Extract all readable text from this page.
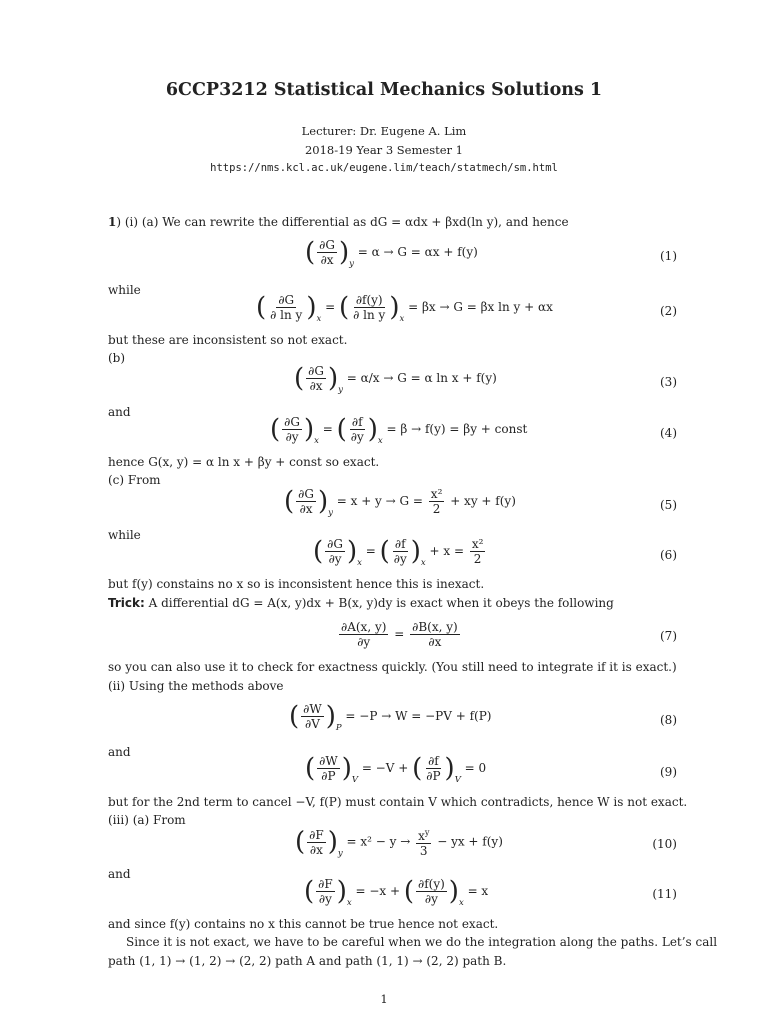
6CCP3212 Statistical Mechanics Solutions 1
Lecturer: Dr. Eugene A. Lim
2018-19 Year 3 Semester 1
https://nms.kcl.ac.uk/eugene.lim/teach/statmech/sm.html
1) (i) (a) We can rewrite the differential as dG = αdx + βxd(ln y), and hence
( $\frac{\partial G}{\partial x} )_y = \alpha \to G = \alpha x + f(y)$	(1)
while
( $\frac{\partial G}{\text{∂ ln y}} )_x$ = ( $\frac{\partial f(y)}{\text{∂ ln y}} )_x = \beta x \to G = \beta x$ ln y + αx	(2)
but these are inconsistent so not exact.
(b)
( $\frac{\partial G}{\partial x} )_y = \alpha/x \to G = \alpha$ ln x + f(y)	(3)
and
( $\frac{\partial G}{\partial y} )_x$ = ( $\frac{\partial f}{\partial y} )_x = \beta \to f(y) = \beta y$ + const	(4)
hence G(x, y) = α ln x + βy + const so exact.
(c) From
( $\frac{\partial G}{\partial x} )_y = x + y \to G = \frac{\text{x²}}{2}$ + xy + f(y)	(5)
while
( $\frac{\partial G}{\partial y} )_x$ = ( $\frac{\partial f}{\partial y} )_x + x = \frac{\text{x²}}{2}$	(6)
but f(y) constains no x so is inconsistent hence this is inexact.
Trick: A differential dG = A(x, y)dx + B(x, y)dy is exact when it obeys the following
$\frac{\partial A(x, y)}{\partial y} = \frac{\partial B(x, y)}{\partial x}$	(7)
so you can also use it to check for exactness quickly. (You still need to integrate if it is exact.)
(ii) Using the methods above
( $\frac{\partial W}{\partial V} )_P = -P \to W = -PV + f(P)$	(8)
and
( $\frac{\partial W}{\partial P} )_V = -V$ + ( $\frac{\partial f}{\partial P} )_V = 0$	(9)
but for the 2nd term to cancel −V, f(P) must contain V which contradicts, hence W is not exact.
(iii) (a) From
( $\frac{\partial F}{\partial x} )_y = x^2 - y \to \frac{x^y}{3}$ − yx + f(y)	(10)
and
( $\frac{\partial F}{\partial y} )_x = -x$ + ( $\frac{\partial f(y)}{\partial y} )_x = x$	(11)
and since f(y) contains no x this cannot be true hence not exact.
Since it is not exact, we have to be careful when we do the integration along the paths. Let’s call
path (1, 1) → (1, 2) → (2, 2) path A and path (1, 1) → (2, 2) path B.
1
